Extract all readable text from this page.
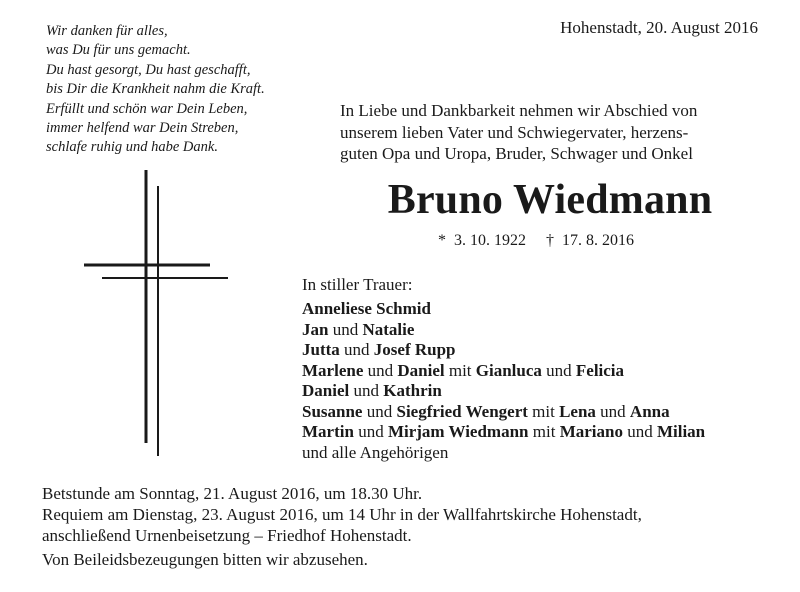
Wir danken für alles,
was Du für uns gemacht.
Du hast gesorgt, Du hast geschafft,
bis Dir die Krankheit nahm die Kraft.
Erfüllt und schön war Dein Leben,
immer helfend war Dein Streben,
schlafe ruhig und habe Dank.
Hohenstadt, 20. August 2016
In Liebe und Dankbarkeit nehmen wir Abschied von
unserem lieben Vater und Schwiegervater, herzens-
guten Opa und Uropa, Bruder, Schwager und Onkel
Bruno Wiedmann
* 3. 10. 1922 † 17. 8. 2016
In stiller Trauer:
Anneliese Schmid
Jan und Natalie
Jutta und Josef Rupp
Marlene und Daniel mit Gianluca und Felicia
Daniel und Kathrin
Susanne und Siegfried Wengert mit Lena und Anna
Martin und Mirjam Wiedmann mit Mariano und Milian
und alle Angehörigen
Betstunde am Sonntag, 21. August 2016, um 18.30 Uhr.
Requiem am Dienstag, 23. August 2016, um 14 Uhr in der Wallfahrtskirche Hohenstadt,
anschließend Urnenbeisetzung – Friedhof Hohenstadt.
Von Beileidsbezeugungen bitten wir abzusehen.
